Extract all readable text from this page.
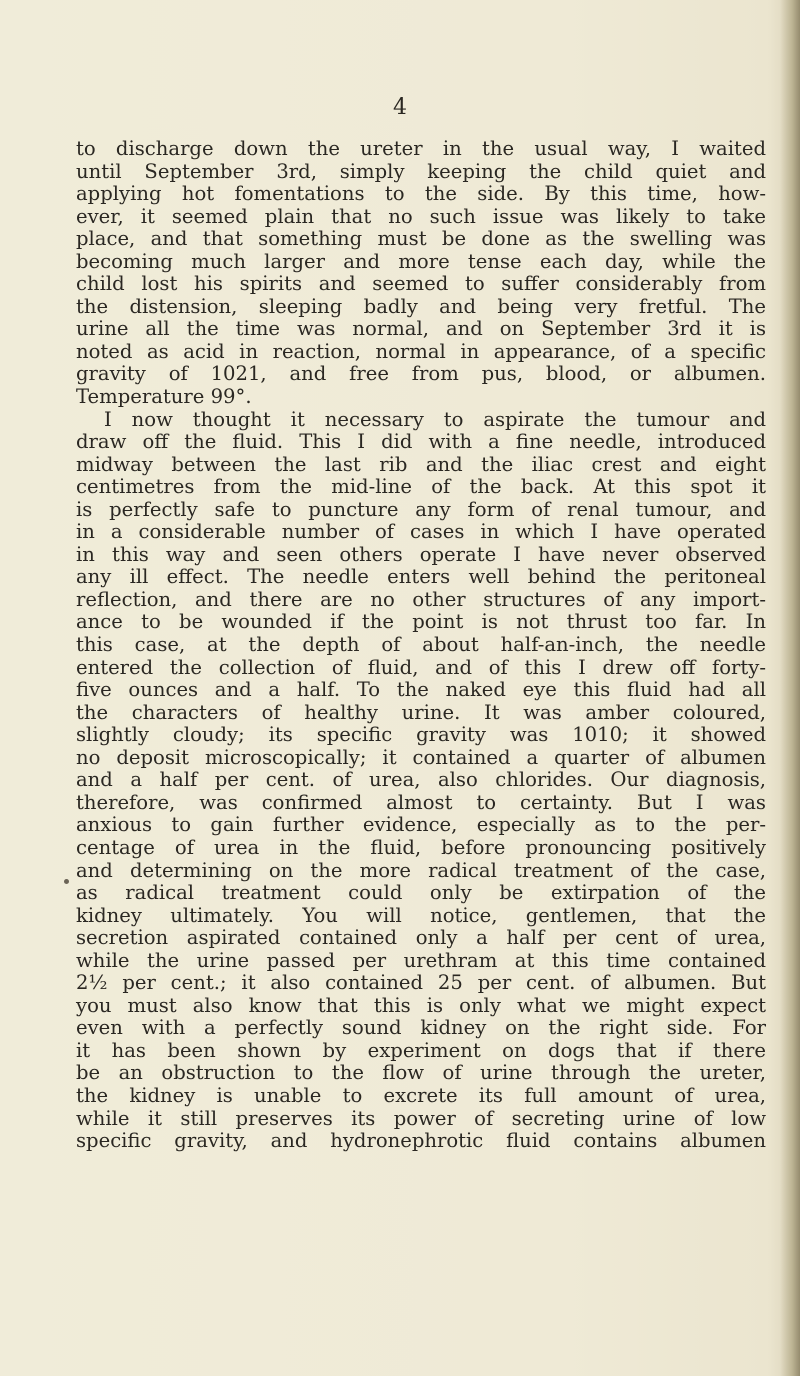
4
to discharge down the ureter in the usual way, I waited
until September 3rd, simply keeping the child quiet and
applying hot fomentations to the side. By this time, how-
ever, it seemed plain that no such issue was likely to take
place, and that something must be done as the swelling was
becoming much larger and more tense each day, while the
child lost his spirits and seemed to suffer considerably from
the distension, sleeping badly and being very fretful. The
urine all the time was normal, and on September 3rd it is
noted as acid in reaction, normal in appearance, of a specific
gravity of 1021, and free from pus, blood, or albumen.
Temperature 99°.
I now thought it necessary to aspirate the tumour and
draw off the fluid. This I did with a fine needle, introduced
midway between the last rib and the iliac crest and eight
centimetres from the mid-line of the back. At this spot it
is perfectly safe to puncture any form of renal tumour, and
in a considerable number of cases in which I have operated
in this way and seen others operate I have never observed
any ill effect. The needle enters well behind the peritoneal
reflection, and there are no other structures of any import-
ance to be wounded if the point is not thrust too far. In
this case, at the depth of about half-an-inch, the needle
entered the collection of fluid, and of this I drew off forty-
five ounces and a half. To the naked eye this fluid had all
the characters of healthy urine. It was amber coloured,
slightly cloudy; its specific gravity was 1010; it showed
no deposit microscopically; it contained a quarter of albumen
and a half per cent. of urea, also chlorides. Our diagnosis,
therefore, was confirmed almost to certainty. But I was
anxious to gain further evidence, especially as to the per-
centage of urea in the fluid, before pronouncing positively
and determining on the more radical treatment of the case,
as radical treatment could only be extirpation of the
kidney ultimately. You will notice, gentlemen, that the
secretion aspirated contained only a half per cent of urea,
while the urine passed per urethram at this time contained
2½ per cent.; it also contained 25 per cent. of albumen. But
you must also know that this is only what we might expect
even with a perfectly sound kidney on the right side. For
it has been shown by experiment on dogs that if there
be an obstruction to the flow of urine through the ureter,
the kidney is unable to excrete its full amount of urea,
while it still preserves its power of secreting urine of low
specific gravity, and hydronephrotic fluid contains albumen
